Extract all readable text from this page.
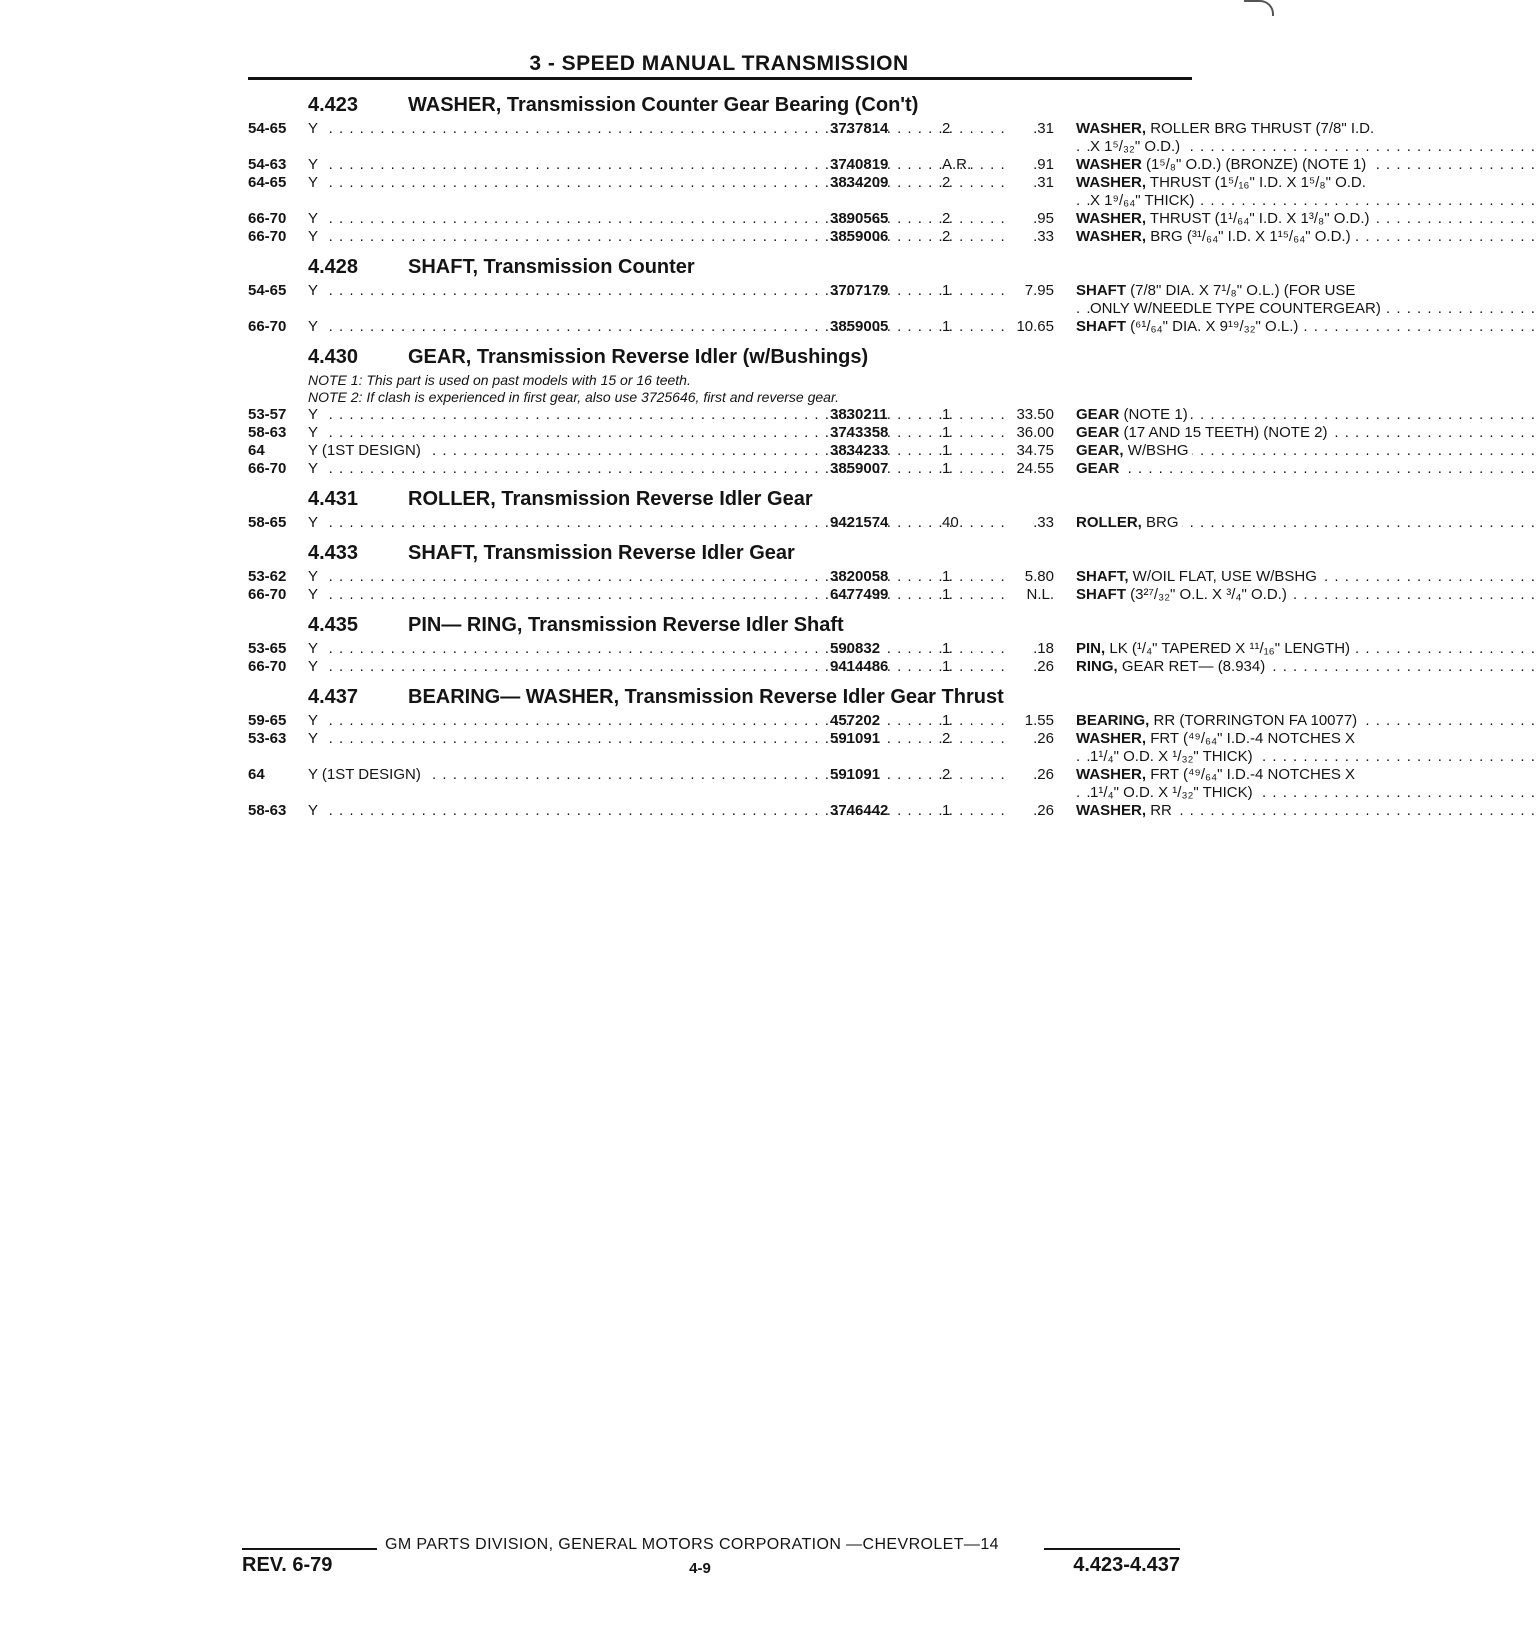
3 - SPEED MANUAL TRANSMISSION
4.423 WASHER, Transmission Counter Gear Bearing (Con't)
54-65 Y . . .	3737814	2	.31 WASHER, ROLLER BRG THRUST (7/8" I.D.
X 1⁵/₃₂" O.D.) . . .
54-63 Y . . .	3740819	A.R.	.91 WASHER (1⁵/₈" O.D.) (BRONZE) (NOTE 1) . . .
64-65 Y . . .	3834209	2	.31 WASHER, THRUST (1⁵/₁₆" I.D. X 1⁵/₈" O.D.
X 1⁹/₆₄" THICK) . . .
66-70 Y . . .	3890565	2	.95 WASHER, THRUST (1¹/₆₄" I.D. X 1³/₈" O.D.) . . .
66-70 Y . . .	3859006	2	.33 WASHER, BRG (³¹/₆₄" I.D. X 1¹⁵/₆₄" O.D.) . . .
4.428 SHAFT, Transmission Counter
54-65 Y . . .	3707179	1	7.95 SHAFT (7/8" DIA. X 7¹/₈" O.L.) (FOR USE
ONLY W/NEEDLE TYPE COUNTERGEAR) . . .
66-70 Y . . .	3859005	1	10.65 SHAFT (⁶¹/₆₄" DIA. X 9¹⁹/₃₂" O.L.) . . .
4.430 GEAR, Transmission Reverse Idler (w/Bushings)
NOTE 1: This part is used on past models with 15 or 16 teeth.
NOTE 2: If clash is experienced in first gear, also use 3725646, first and reverse gear.
53-57 Y . . .	3830211	1	33.50 GEAR (NOTE 1) . . .
58-63 Y . . .	3743358	1	36.00 GEAR (17 AND 15 TEETH) (NOTE 2) . . .
64	Y (1ST DESIGN) . . .	3834233	1	34.75 GEAR, W/BSHG . . .
66-70 Y . . .	3859007	1	24.55 GEAR . . .
4.431 ROLLER, Transmission Reverse Idler Gear
58-65 Y . . .	9421574	40	.33 ROLLER, BRG . . .
4.433 SHAFT, Transmission Reverse Idler Gear
53-62 Y . . .	3820058	1	5.80 SHAFT, W/OIL FLAT, USE W/BSHG . . .
66-70 Y . . .	6477499	1	N.L. SHAFT (3²⁷/₃₂" O.L. X ³/₄" O.D.) . . .
4.435 PIN— RING, Transmission Reverse Idler Shaft
53-65 Y . . .	590832	1	.18 PIN, LK (¹/₄" TAPERED X ¹¹/₁₆" LENGTH) . . .
66-70 Y . . .	9414486	1	.26 RING, GEAR RET— (8.934) . . .
4.437 BEARING— WASHER, Transmission Reverse Idler Gear Thrust
59-65 Y . . .	457202	1	1.55 BEARING, RR (TORRINGTON FA 10077) . . .
53-63 Y . . .	591091	2	.26 WASHER, FRT (⁴⁹/₆₄" I.D.-4 NOTCHES X
1¹/₄" O.D. X ¹/₃₂" THICK) . . .
64	Y (1ST DESIGN) . . .	591091	2	.26 WASHER, FRT (⁴⁹/₆₄" I.D.-4 NOTCHES X
1¹/₄" O.D. X ¹/₃₂" THICK) . . .
58-63 Y . . .	3746442	1	.26 WASHER, RR . . .
GM PARTS DIVISION, GENERAL MOTORS CORPORATION —CHEVROLET—14
REV. 6-79	4-9	4.423-4.437
